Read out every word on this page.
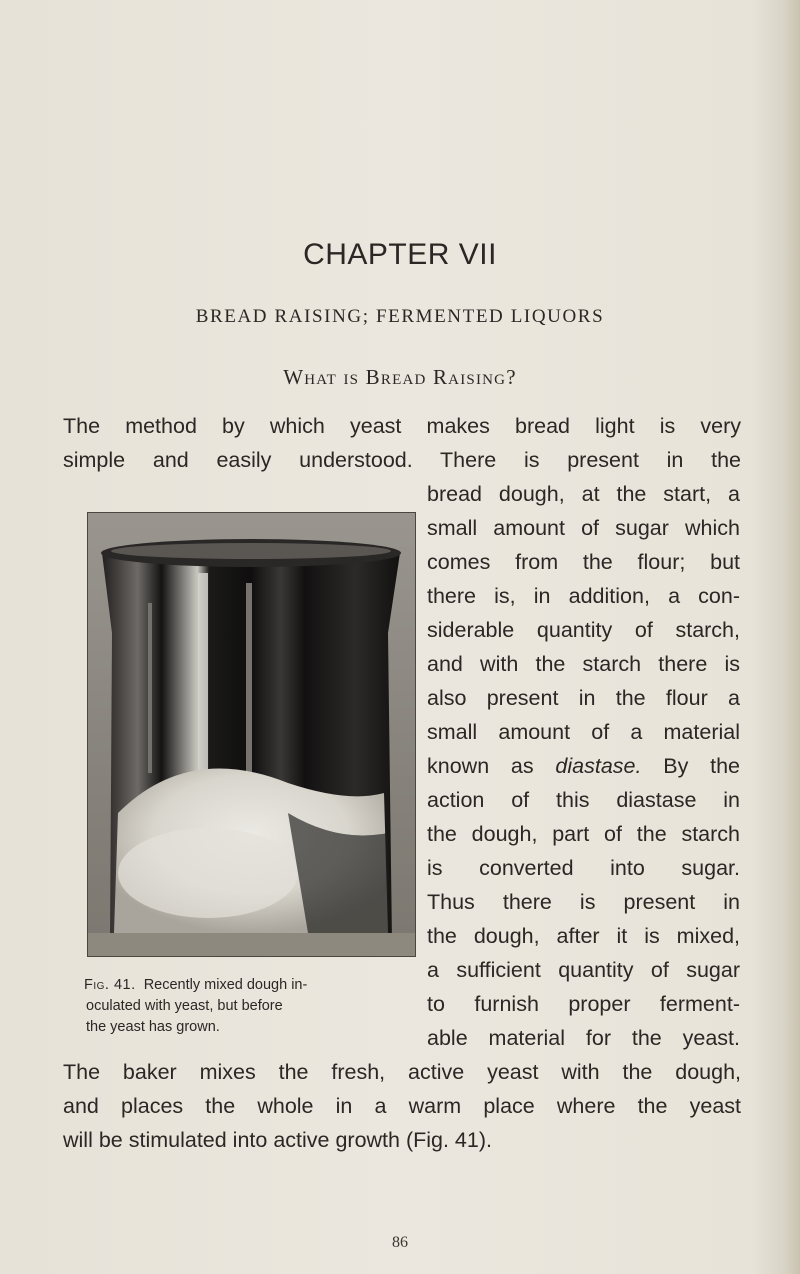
CHAPTER VII
BREAD RAISING; FERMENTED LIQUORS
What is Bread Raising?
The method by which yeast makes bread light is very
simple and easily understood. There is present in the
bread dough, at the start, a
small amount of sugar which
comes from the flour; but
there is, in addition, a con-
siderable quantity of starch,
and with the starch there is
also present in the flour a
small amount of a material
known as diastase. By the
action of this diastase in
the dough, part of the starch
is converted into sugar.
Thus there is present in
the dough, after it is mixed,
a sufficient quantity of sugar
to furnish proper ferment-
able material for the yeast.
The baker mixes the fresh, active yeast with the dough,
and places the whole in a warm place where the yeast
will be stimulated into active growth (Fig. 41).
Fig. 41. Recently mixed dough in-
oculated with yeast, but before
the yeast has grown.
86
